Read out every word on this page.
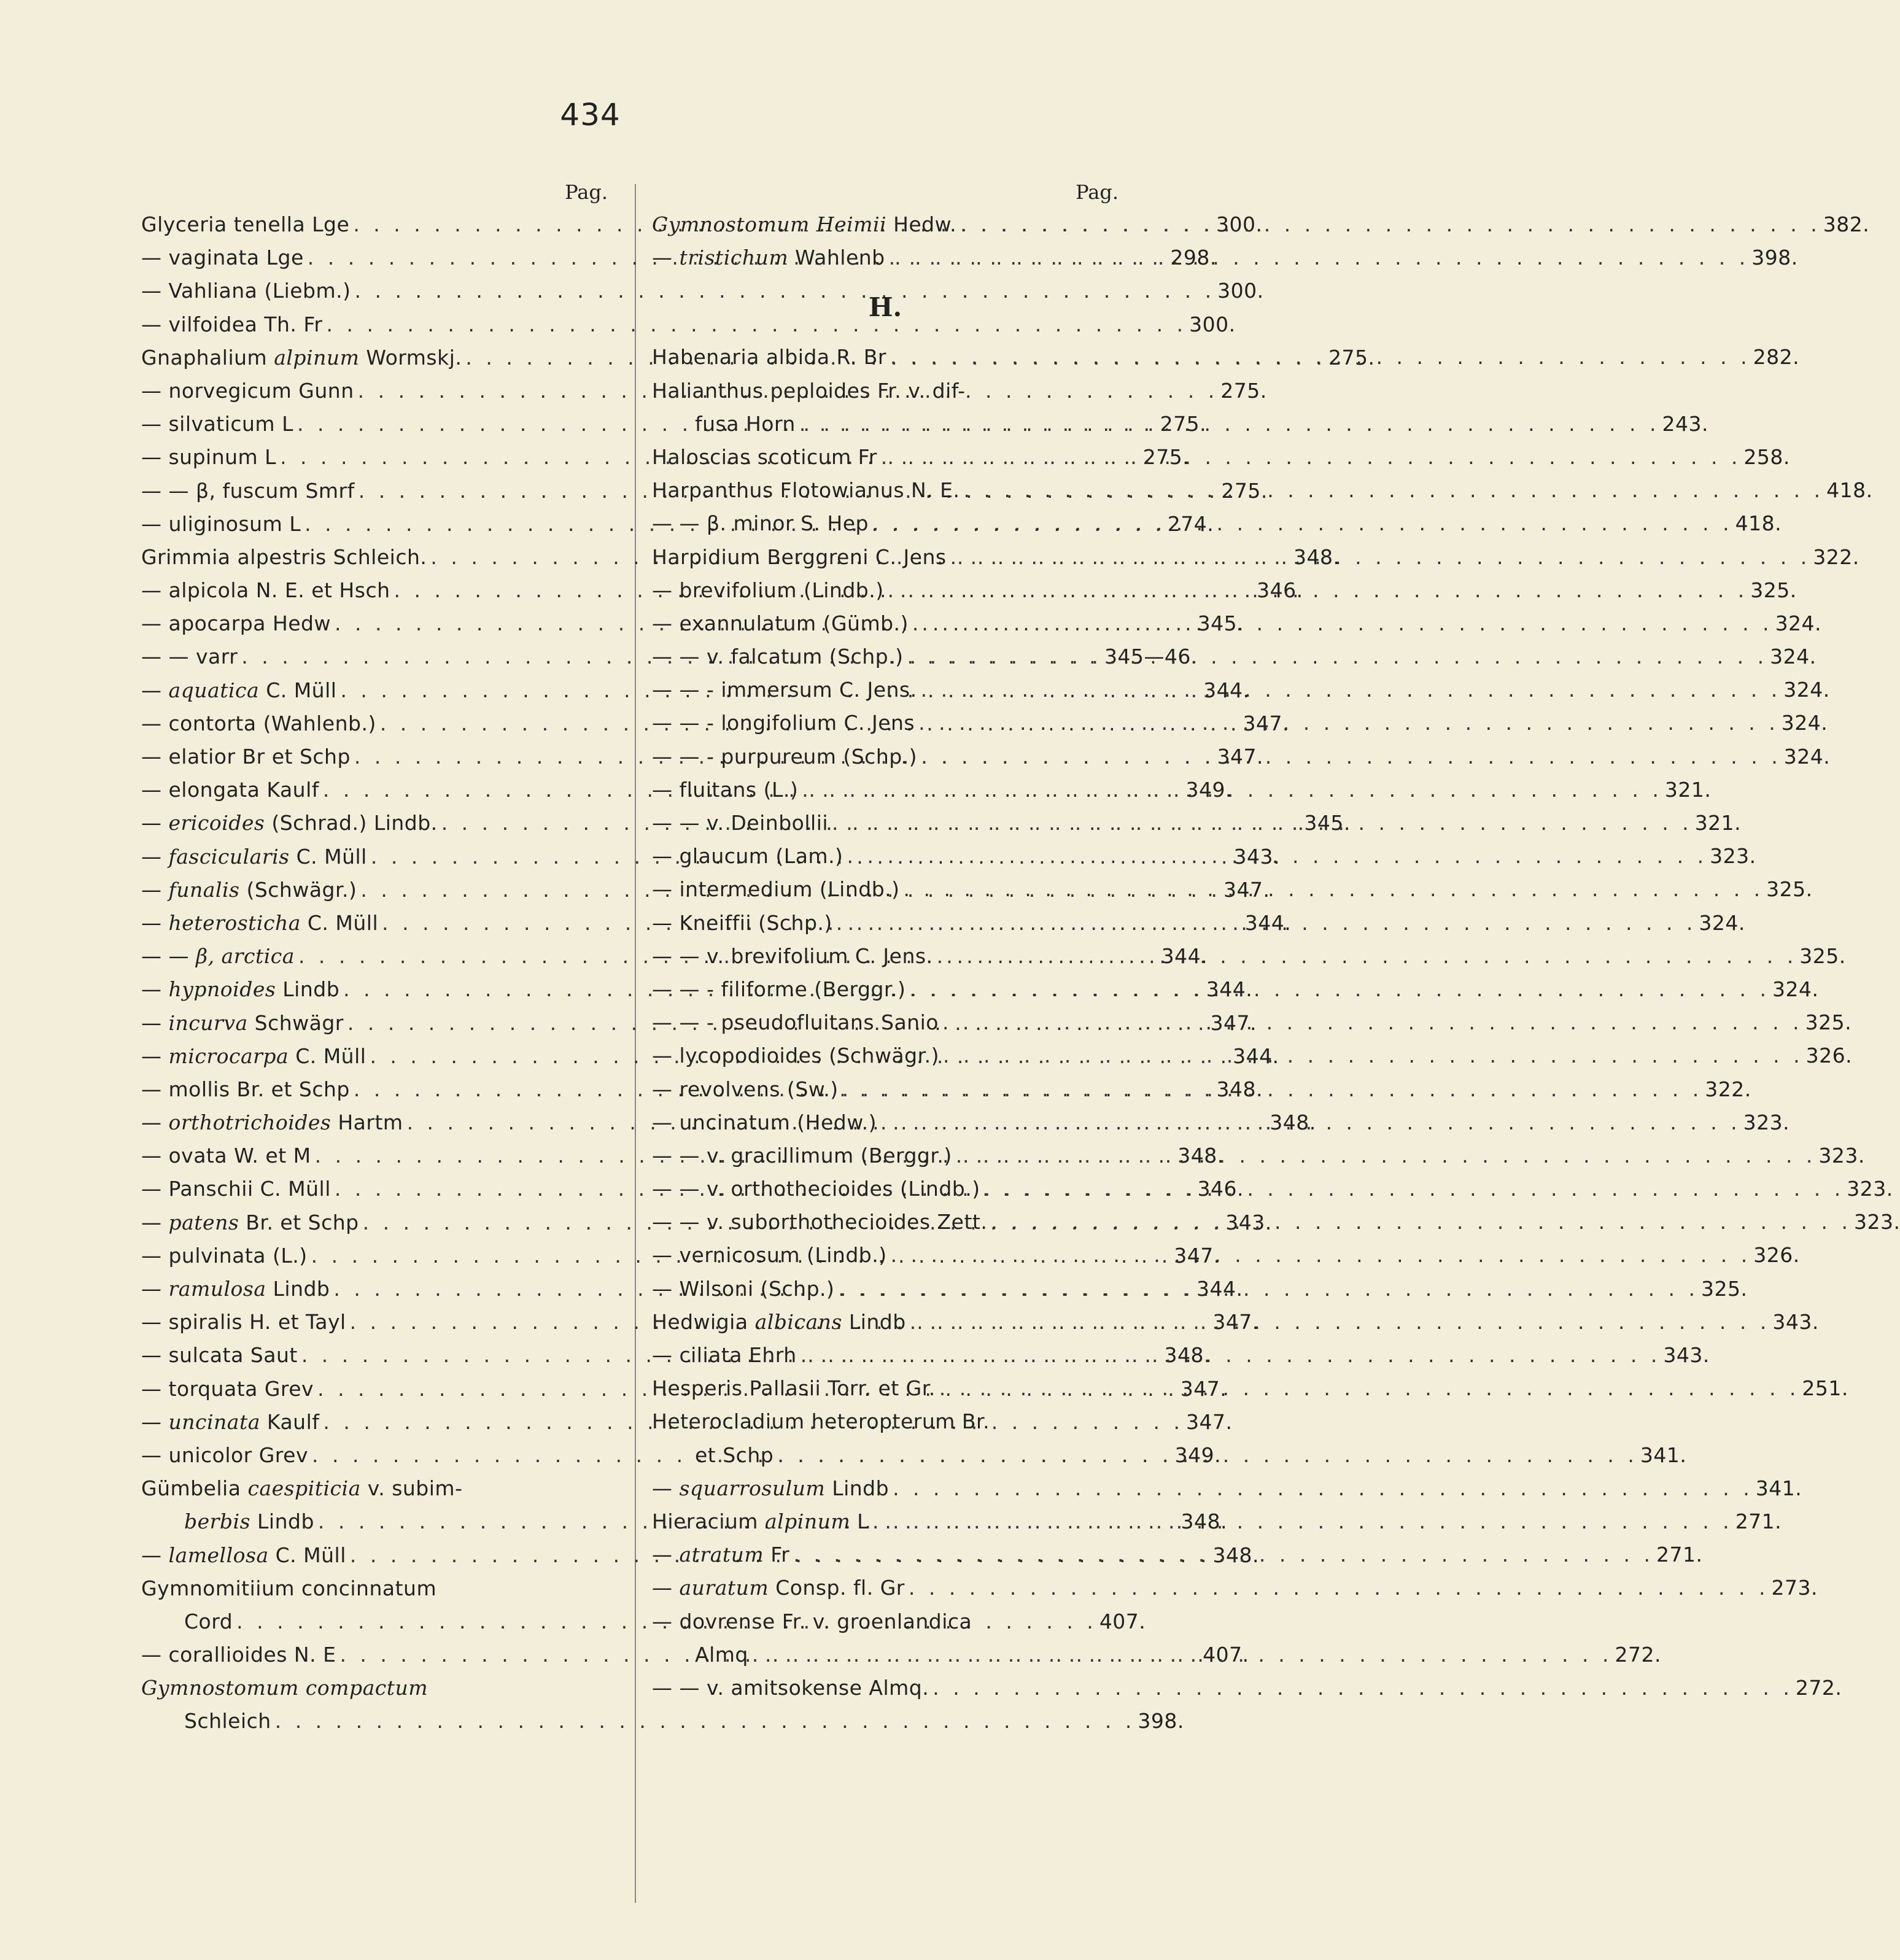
434
Pag.
Glyceria tenella Lge . . .	300.
— vaginata Lge . . .	298.
— Vahliana (Liebm.) . . .	300.
— vilfoidea Th. Fr . . .	300.
Gnaphalium alpinum Wormskj. . . .	275.
— norvegicum Gunn . . .	275.
— silvaticum L . . .	275.
— supinum L . . .	275.
— — β, fuscum Smrf . . .	275.
— uliginosum L . . .	274.
Grimmia alpestris Schleich. . . .	348.
— alpicola N. E. et Hsch . . .	346.
— apocarpa Hedw . . .	345.
— — varr . . .	345—46.
— aquatica C. Müll . . .	344.
— contorta (Wahlenb.) . . .	347.
— elatior Br et Schp . . .	347.
— elongata Kaulf . . .	349.
— ericoides (Schrad.) Lindb. . . .	345.
— fascicularis C. Müll . . .	343.
— funalis (Schwägr.) . . .	347.
— heterosticha C. Müll . . .	344.
— — β, arctica . . .	344.
— hypnoides Lindb . . .	344.
— incurva Schwägr . . .	347.
— microcarpa C. Müll . . .	344.
— mollis Br. et Schp . . .	348.
— orthotrichoides Hartm . . .	348.
— ovata W. et M . . .	348.
— Panschii C. Müll . . .	346.
— patens Br. et Schp . . .	343.
— pulvinata (L.) . . .	347.
— ramulosa Lindb . . .	344.
— spiralis H. et Tayl . . .	347.
— sulcata Saut . . .	348.
— torquata Grev . . .	347.
— uncinata Kaulf . . .	347.
— unicolor Grev . . .	349.
Gümbelia caespiticia v. subim-
berbis Lindb . . .	348.
— lamellosa C. Müll . . .	348.
Gymnomitiium concinnatum
Cord . . .	407.
— corallioides N. E . . .	407.
Gymnostomum compactum
Schleich . . .	398.
Pag.
Gymnostomum Heimii Hedw. . . .	382.
— tristichum Wahlenb . . .	398.
H.
Habenaria albida R. Br . . .	282.
Halianthus peploides Fr. v. dif-
fusa Horn . . .	243.
Haloscias scoticum Fr . . .	258.
Harpanthus Flotowianus N. E. . . .	418.
— — β. minor S. Hep . . .	418.
Harpidium Berggreni C. Jens . . .	322.
— brevifolium (Lindb.) . . .	325.
— exannulatum (Gümb.) . . .	324.
— — v. falcatum (Schp.) . . .	324.
— — - immersum C. Jens. . . .	324.
— — - longifolium C. Jens . . .	324.
— — - purpureum (Schp.) . . .	324.
— fluitans (L.) . . .	321.
— — v. Deinbollii . . .	321.
— glaucum (Lam.) . . .	323.
— intermedium (Lindb.) . . .	325.
— Kneiffii (Schp.) . . .	324.
— — v. brevifolium C. Jens. . . .	325.
— — - filiforme (Berggr.) . . .	324.
— — - pseudofluitans Sanio . . .	325.
— lycopodioides (Schwägr.) . . .	326.
— revolvens (Sw.) . . .	322.
— uncinatum (Hedw.) . . .	323.
— — v. gracillimum (Berggr.) . . .	323.
— — v. orthothecioides (Lindb.) . . .	323.
— — v. suborthothecioides Zett. . . .	323.
— vernicosum (Lindb.) . . .	326.
— Wilsoni (Schp.) . . .	325.
Hedwigia albicans Lindb . . .	343.
— ciliata Ehrh . . .	343.
Hesperis Pallasii Torr. et Gr. . . .	251.
Heterocladium heteropterum Br.
et Schp . . .	341.
— squarrosulum Lindb . . .	341.
Hieracium alpinum L . . .	271.
— atratum Fr . . .	271.
— auratum Consp. fl. Gr . . .	273.
— dovrense Fr. v. groenlandica
Almq . . .	272.
— — v. amitsokense Almq. . . .	272.
